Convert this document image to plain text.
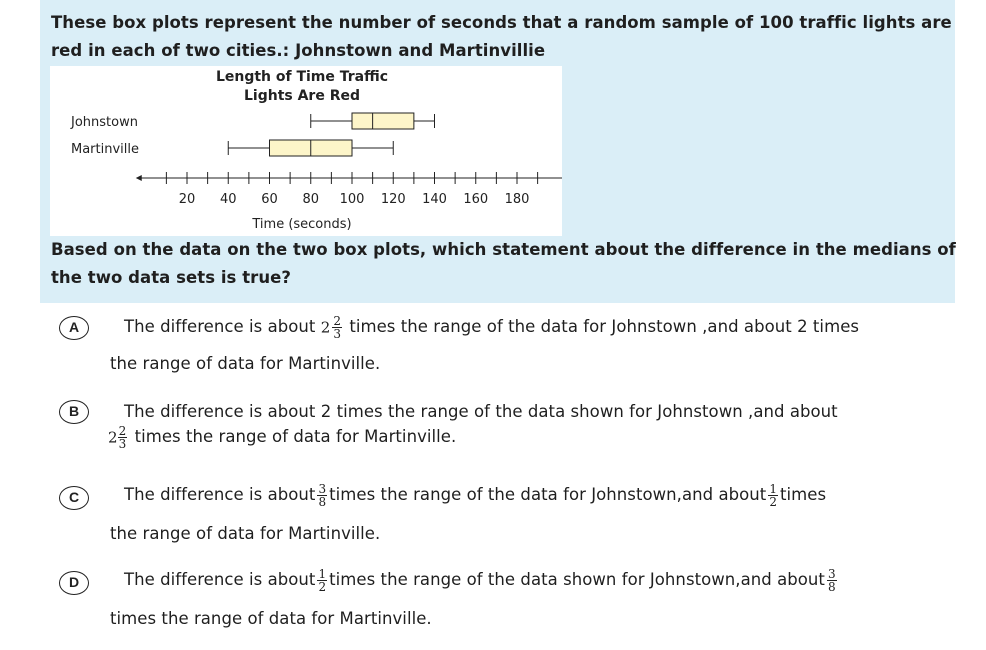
These box plots represent the number of seconds that a random sample of 100 traffic lights are
red in each of two cities.: Johnstown and Martinvillie
Based on the data on the two box plots, which statement about the difference in the medians of
the two data sets is true?
Length of Time Traffic
Lights Are Red
20 40 60 80 100 120 140 160 180
Johnstown
Martinville
Time (seconds)
A	The difference is about $2 \frac{2}{3}$ times the range of the data for Johnstown ,and about 2 times
the range of data for Martinville.
B	The difference is about 2 times the range of the data shown for Johnstown ,and about
$2 \frac{2}{3}$ times the range of data for Martinville.
C	The difference is about $\frac{3}{8}$ times the range of the data for Johnstown,and about $\frac{1}{2}$ times
the range of data for Martinville.
D	The difference is about $\frac{1}{2}$ times the range of the data shown for Johnstown,and about $\frac{3}{8}$
times the range of data for Martinville.
